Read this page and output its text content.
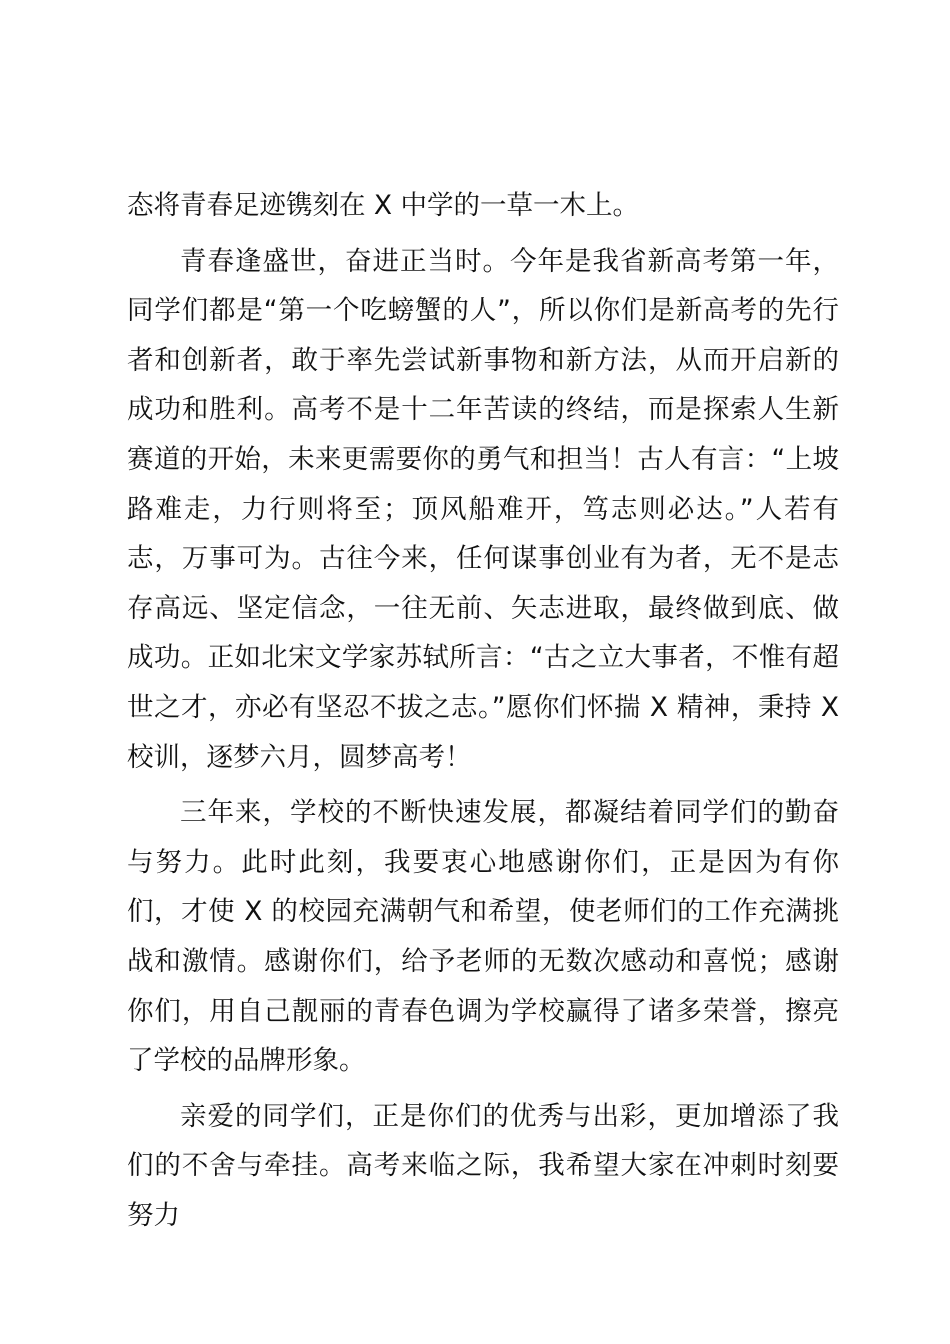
态将青春足迹镌刻在 X 中学的一草一木上。

青春逢盛世，奋进正当时。今年是我省新高考第一年，同学们都是“第一个吃螃蟹的人”，所以你们是新高考的先行者和创新者，敢于率先尝试新事物和新方法，从而开启新的成功和胜利。高考不是十二年苦读的终结，而是探索人生新赛道的开始，未来更需要你的勇气和担当！古人有言：“上坡路难走，力行则将至；顶风船难开，笃志则必达。”人若有志，万事可为。古往今来，任何谋事创业有为者，无不是志存高远、坚定信念，一往无前、矢志进取，最终做到底、做成功。正如北宋文学家苏轼所言：“古之立大事者，不惟有超世之才，亦必有坚忍不拔之志。”愿你们怀揣 X 精神，秉持 X 校训，逐梦六月，圆梦高考！

三年来，学校的不断快速发展，都凝结着同学们的勤奋与努力。此时此刻，我要衷心地感谢你们，正是因为有你们，才使 X 的校园充满朝气和希望，使老师们的工作充满挑战和激情。感谢你们，给予老师的无数次感动和喜悦；感谢你们，用自己靓丽的青春色调为学校赢得了诸多荣誉，擦亮了学校的品牌形象。

亲爱的同学们，正是你们的优秀与出彩，更加增添了我们的不舍与牵挂。高考来临之际，我希望大家在冲刺时刻要努力
